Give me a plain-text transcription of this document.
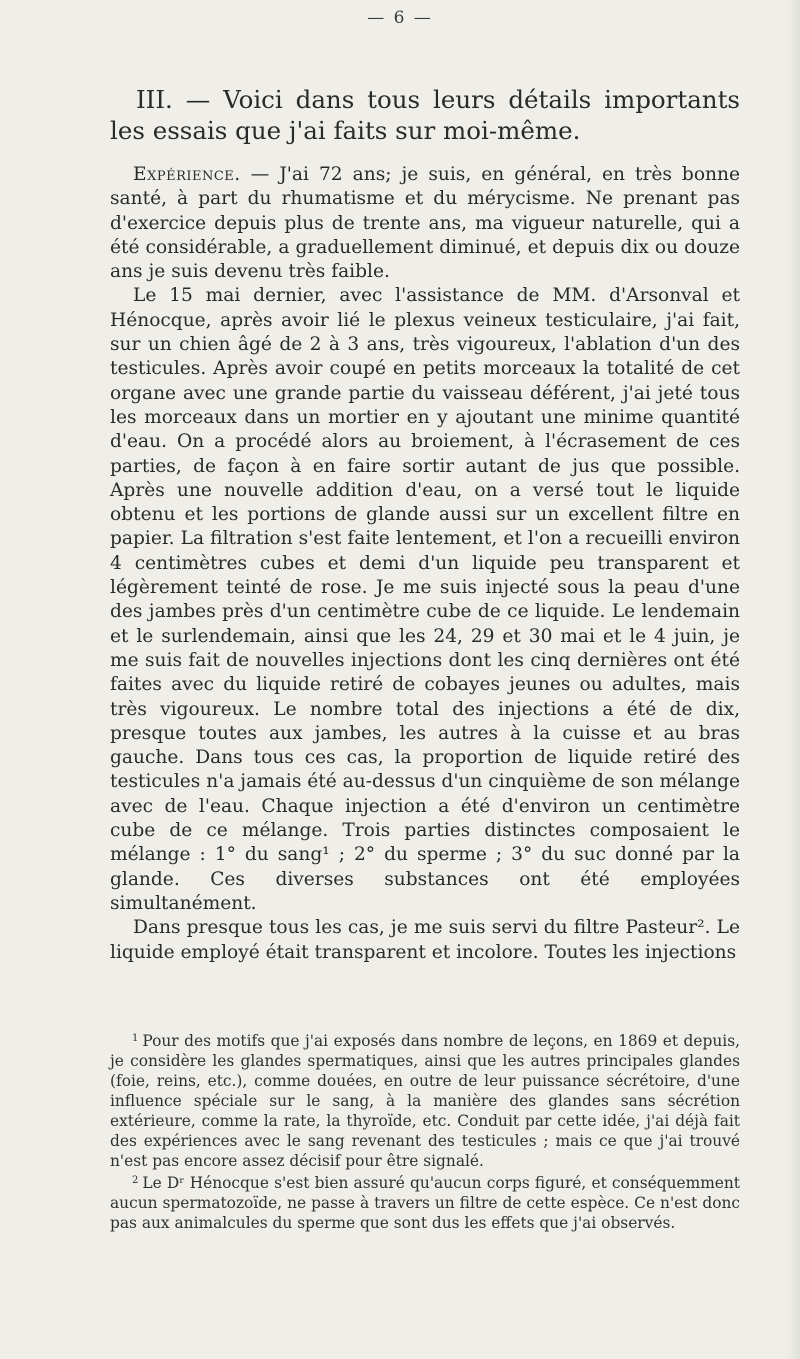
— 6 —
III. — Voici dans tous leurs détails importants les essais que j'ai faits sur moi-même.

Expérience. — J'ai 72 ans; je suis, en général, en très bonne santé, à part du rhumatisme et du mérycisme. Ne prenant pas d'exercice depuis plus de trente ans, ma vigueur naturelle, qui a été considérable, a graduellement diminué, et depuis dix ou douze ans je suis devenu très faible.

Le 15 mai dernier, avec l'assistance de MM. d'Arsonval et Hénocque, après avoir lié le plexus veineux testiculaire, j'ai fait, sur un chien âgé de 2 à 3 ans, très vigoureux, l'ablation d'un des testicules. Après avoir coupé en petits morceaux la totalité de cet organe avec une grande partie du vaisseau déférent, j'ai jeté tous les morceaux dans un mortier en y ajoutant une minime quantité d'eau. On a procédé alors au broiement, à l'écrasement de ces parties, de façon à en faire sortir autant de jus que possible. Après une nouvelle addition d'eau, on a versé tout le liquide obtenu et les portions de glande aussi sur un excellent filtre en papier. La filtration s'est faite lentement, et l'on a recueilli environ 4 centimètres cubes et demi d'un liquide peu transparent et légèrement teinté de rose. Je me suis injecté sous la peau d'une des jambes près d'un centimètre cube de ce liquide. Le lendemain et le surlendemain, ainsi que les 24, 29 et 30 mai et le 4 juin, je me suis fait de nouvelles injections dont les cinq dernières ont été faites avec du liquide retiré de cobayes jeunes ou adultes, mais très vigoureux. Le nombre total des injections a été de dix, presque toutes aux jambes, les autres à la cuisse et au bras gauche. Dans tous ces cas, la proportion de liquide retiré des testicules n'a jamais été au-dessus d'un cinquième de son mélange avec de l'eau. Chaque injection a été d'environ un centimètre cube de ce mélange. Trois parties distinctes composaient le mélange : 1° du sang¹ ; 2° du sperme ; 3° du suc donné par la glande. Ces diverses substances ont été employées simultanément.

Dans presque tous les cas, je me suis servi du filtre Pasteur². Le liquide employé était transparent et incolore. Toutes les injections

$^1$ Pour des motifs que j'ai exposés dans nombre de leçons, en 1869 et depuis, je considère les glandes spermatiques, ainsi que les autres principales glandes (foie, reins, etc.), comme douées, en outre de leur puissance sécrétoire, d'une influence spéciale sur le sang, à la manière des glandes sans sécrétion extérieure, comme la rate, la thyroïde, etc. Conduit par cette idée, j'ai déjà fait des expériences avec le sang revenant des testicules ; mais ce que j'ai trouvé n'est pas encore assez décisif pour être signalé.

$^2$ Le Dʳ Hénocque s'est bien assuré qu'aucun corps figuré, et conséquemment aucun spermatozoïde, ne passe à travers un filtre de cette espèce. Ce n'est donc pas aux animalcules du sperme que sont dus les effets que j'ai observés.
